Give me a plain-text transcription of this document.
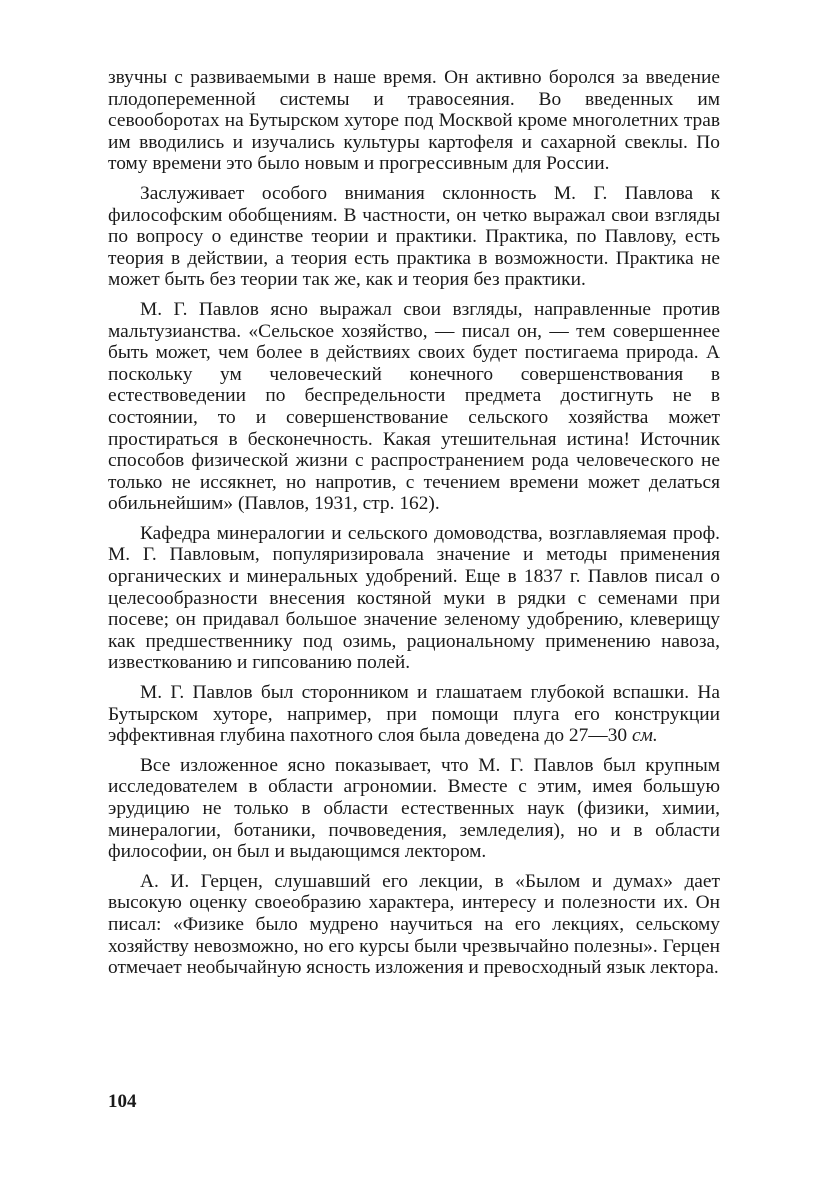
звучны с развиваемыми в наше время. Он активно боролся за введение плодопеременной системы и травосеяния. Во введенных им севооборотах на Бутырском хуторе под Москвой кроме многолетних трав им вводились и изучались культуры картофеля и сахарной свеклы. По тому времени это было новым и прогрессивным для России.

Заслуживает особого внимания склонность М. Г. Павлова к философским обобщениям. В частности, он четко выражал свои взгляды по вопросу о единстве теории и практики. Практика, по Павлову, есть теория в действии, а теория есть практика в возможности. Практика не может быть без теории так же, как и теория без практики.

М. Г. Павлов ясно выражал свои взгляды, направленные против мальтузианства. «Сельское хозяйство, — писал он, — тем совершеннее быть может, чем более в действиях своих будет постигаема природа. А поскольку ум человеческий конечного совершенствования в естествоведении по беспредельности предмета достигнуть не в состоянии, то и совершенствование сельского хозяйства может простираться в бесконечность. Какая утешительная истина! Источник способов физической жизни с распространением рода человеческого не только не иссякнет, но напротив, с течением времени может делаться обильнейшим» (Павлов, 1931, стр. 162).

Кафедра минералогии и сельского домоводства, возглавляемая проф. М. Г. Павловым, популяризировала значение и методы применения органических и минеральных удобрений. Еще в 1837 г. Павлов писал о целесообразности внесения костяной муки в рядки с семенами при посеве; он придавал большое значение зеленому удобрению, клеверищу как предшественнику под озимь, рациональному применению навоза, известкованию и гипсованию полей.

М. Г. Павлов был сторонником и глашатаем глубокой вспашки. На Бутырском хуторе, например, при помощи плуга его конструкции эффективная глубина пахотного слоя была доведена до 27—30 см.

Все изложенное ясно показывает, что М. Г. Павлов был крупным исследователем в области агрономии. Вместе с этим, имея большую эрудицию не только в области естественных наук (физики, химии, минералогии, ботаники, почвоведения, земледелия), но и в области философии, он был и выдающимся лектором.

А. И. Герцен, слушавший его лекции, в «Былом и думах» дает высокую оценку своеобразию характера, интересу и полезности их. Он писал: «Физике было мудрено научиться на его лекциях, сельскому хозяйству невозможно, но его курсы были чрезвычайно полезны». Герцен отмечает необычайную ясность изложения и превосходный язык лектора.

104
